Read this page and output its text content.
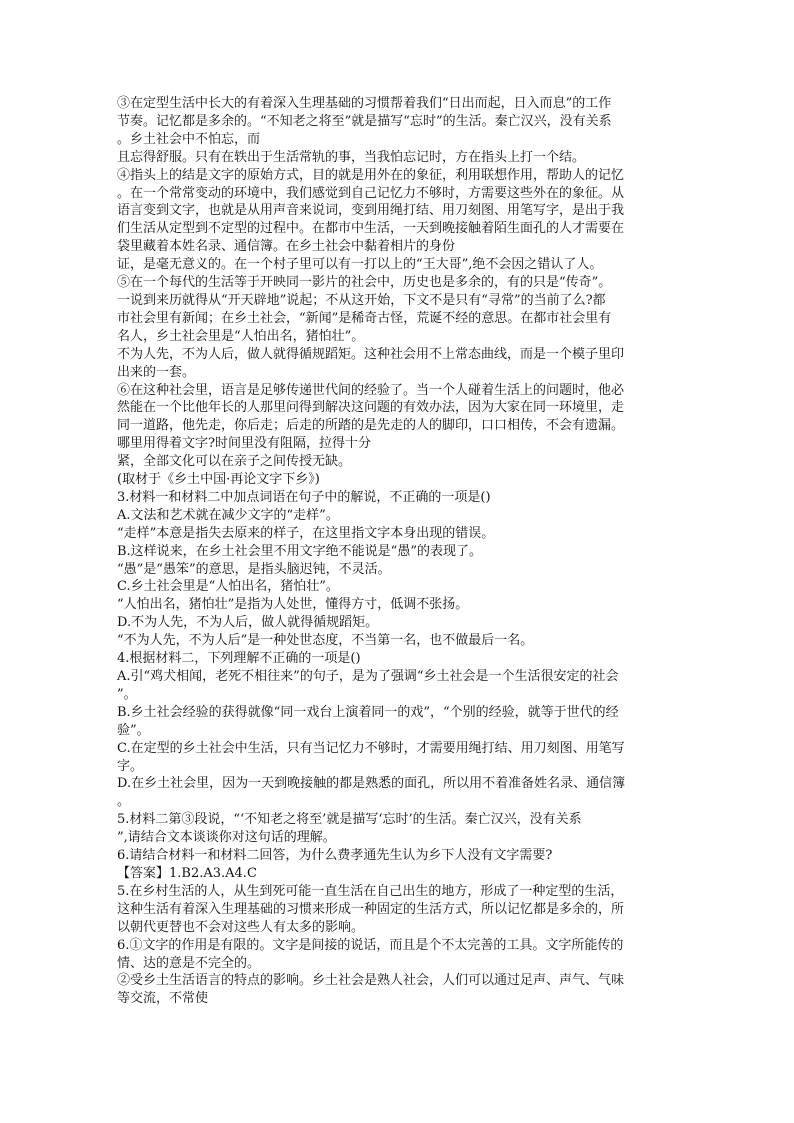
③在定型生活中长大的有着深入生理基础的习惯帮着我们“日出而起，日入而息”的工作
节奏。记忆都是多余的。“不知老之将至”就是描写“忘时”的生活。秦亡汉兴，没有关系
。乡土社会中不怕忘，而
且忘得舒服。只有在轶出于生活常轨的事，当我怕忘记时，方在指头上打一个结。
④指头上的结是文字的原始方式，目的就是用外在的象征，利用联想作用，帮助人的记忆
。在一个常常变动的环境中，我们感觉到自己记忆力不够时，方需要这些外在的象征。从
语言变到文字，也就是从用声音来说词，变到用绳打结、用刀刻图、用笔写字，是出于我
们生活从定型到不定型的过程中。在都市中生活，一天到晚接触着陌生面孔的人才需要在
袋里藏着本姓名录、通信簿。在乡土社会中黏着相片的身份
证，是毫无意义的。在一个村子里可以有一打以上的“王大哥”,绝不会因之错认了人。
⑤在一个每代的生活等于开映同一影片的社会中，历史也是多余的，有的只是“传奇”。
一说到来历就得从“开天辟地”说起；不从这开始，下文不是只有“寻常”的当前了么?都
市社会里有新闻；在乡土社会，“新闻”是稀奇古怪，荒诞不经的意思。在都市社会里有
名人，乡土社会里是“人怕出名，猪怕壮”。
不为人先，不为人后，做人就得循规蹈矩。这种社会用不上常态曲线，而是一个模子里印
出来的一套。
⑥在这种社会里，语言是足够传递世代间的经验了。当一个人碰着生活上的问题时，他必
然能在一个比他年长的人那里问得到解决这问题的有效办法，因为大家在同一环境里，走
同一道路，他先走，你后走；后走的所踏的是先走的人的脚印，口口相传，不会有遗漏。
哪里用得着文字?时间里没有阻隔，拉得十分
紧，全部文化可以在亲子之间传授无缺。
(取材于《乡土中国·再论文字下乡》)
3.材料一和材料二中加点词语在句子中的解说，不正确的一项是()
A.文法和艺术就在减少文字的“走样”。
“走样”本意是指失去原来的样子，在这里指文字本身出现的错误。
B.这样说来，在乡土社会里不用文字绝不能说是“愚”的表现了。
“愚”是“愚笨”的意思，是指头脑迟钝，不灵活。
C.乡土社会里是“人怕出名，猪怕壮”。
“人怕出名，猪怕壮”是指为人处世，懂得方寸，低调不张扬。
D.不为人先，不为人后，做人就得循规蹈矩。
“不为人先，不为人后”是一种处世态度，不当第一名，也不做最后一名。
4.根据材料二，下列理解不正确的一项是()
A.引“鸡犬相闻，老死不相往来”的句子，是为了强调“乡土社会是一个生活很安定的社会
”。
B.乡土社会经验的获得就像“同一戏台上演着同一的戏”，“个别的经验，就等于世代的经
验”。
C.在定型的乡土社会中生活，只有当记忆力不够时，才需要用绳打结、用刀刻图、用笔写
字。
D.在乡土社会里，因为一天到晚接触的都是熟悉的面孔，所以用不着准备姓名录、通信簿
。
5.材料二第③段说，“‘不知老之将至’就是描写‘忘时’的生活。秦亡汉兴，没有关系
”,请结合文本谈谈你对这句话的理解。
6.请结合材料一和材料二回答，为什么费孝通先生认为乡下人没有文字需要?
【答案】1.B2.A3.A4.C
5.在乡村生活的人，从生到死可能一直生活在自己出生的地方，形成了一种定型的生活，
这种生活有着深入生理基础的习惯来形成一种固定的生活方式，所以记忆都是多余的，所
以朝代更替也不会对这些人有太多的影响。
6.①文字的作用是有限的。文字是间接的说话，而且是个不太完善的工具。文字所能传的
情、达的意是不完全的。
②受乡土生活语言的特点的影响。乡土社会是熟人社会，人们可以通过足声、声气、气味
等交流，不常使
